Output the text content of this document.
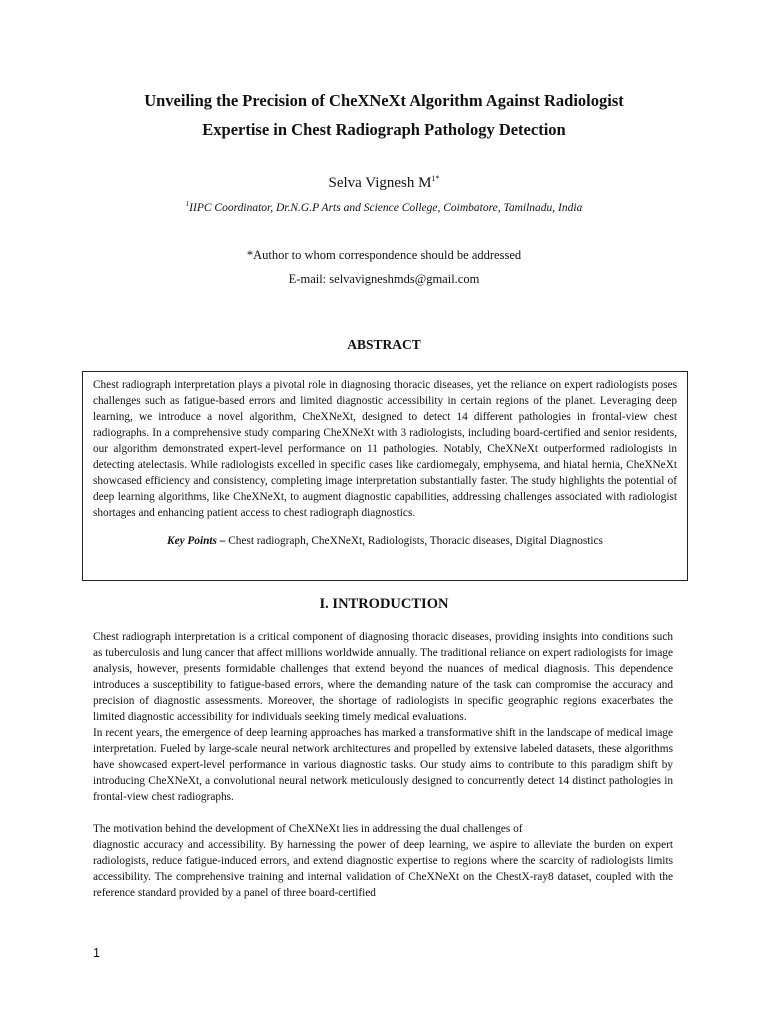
Unveiling the Precision of CheXNeXt Algorithm Against Radiologist
Expertise in Chest Radiograph Pathology Detection
Selva Vignesh $M^{1*}$
$^1$IIPC Coordinator, Dr.N.G.P Arts and Science College, Coimbatore, Tamilnadu, India
*Author to whom correspondence should be addressed
E-mail: selvavigneshmds@gmail.com
ABSTRACT

Chest radiograph interpretation plays a pivotal role in diagnosing thoracic diseases, yet the reliance on expert radiologists poses challenges such as fatigue-based errors and limited diagnostic accessibility in certain regions of the planet. Leveraging deep learning, we introduce a novel algorithm, CheXNeXt, designed to detect 14 different pathologies in frontal-view chest radiographs. In a comprehensive study comparing CheXNeXt with 3 radiologists, including board-certified and senior residents, our algorithm demonstrated expert-level performance on 11 pathologies. Notably, CheXNeXt outperformed radiologists in detecting atelectasis. While radiologists excelled in specific cases like cardiomegaly, emphysema, and hiatal hernia, CheXNeXt showcased efficiency and consistency, completing image interpretation substantially faster. The study highlights the potential of deep learning algorithms, like CheXNeXt, to augment diagnostic capabilities, addressing challenges associated with radiologist shortages and enhancing patient access to chest radiograph diagnostics.

Key Points – Chest radiograph, CheXNeXt, Radiologists, Thoracic diseases, Digital Diagnostics

I. INTRODUCTION

Chest radiograph interpretation is a critical component of diagnosing thoracic diseases, providing insights into conditions such as tuberculosis and lung cancer that affect millions worldwide annually. The traditional reliance on expert radiologists for image analysis, however, presents formidable challenges that extend beyond the nuances of medical diagnosis. This dependence introduces a susceptibility to fatigue-based errors, where the demanding nature of the task can compromise the accuracy and precision of diagnostic assessments. Moreover, the shortage of radiologists in specific geographic regions exacerbates the limited diagnostic accessibility for individuals seeking timely medical evaluations.

In recent years, the emergence of deep learning approaches has marked a transformative shift in the landscape of medical image interpretation. Fueled by large-scale neural network architectures and propelled by extensive labeled datasets, these algorithms have showcased expert-level performance in various diagnostic tasks. Our study aims to contribute to this paradigm shift by introducing CheXNeXt, a convolutional neural network meticulously designed to concurrently detect 14 distinct pathologies in frontal-view chest radiographs.

The motivation behind the development of CheXNeXt lies in addressing the dual challenges of

diagnostic accuracy and accessibility. By harnessing the power of deep learning, we aspire to alleviate the burden on expert radiologists, reduce fatigue-induced errors, and extend diagnostic expertise to regions where the scarcity of radiologists limits accessibility. The comprehensive training and internal validation of CheXNeXt on the ChestX-ray8 dataset, coupled with the reference standard provided by a panel of three board-certified

1
